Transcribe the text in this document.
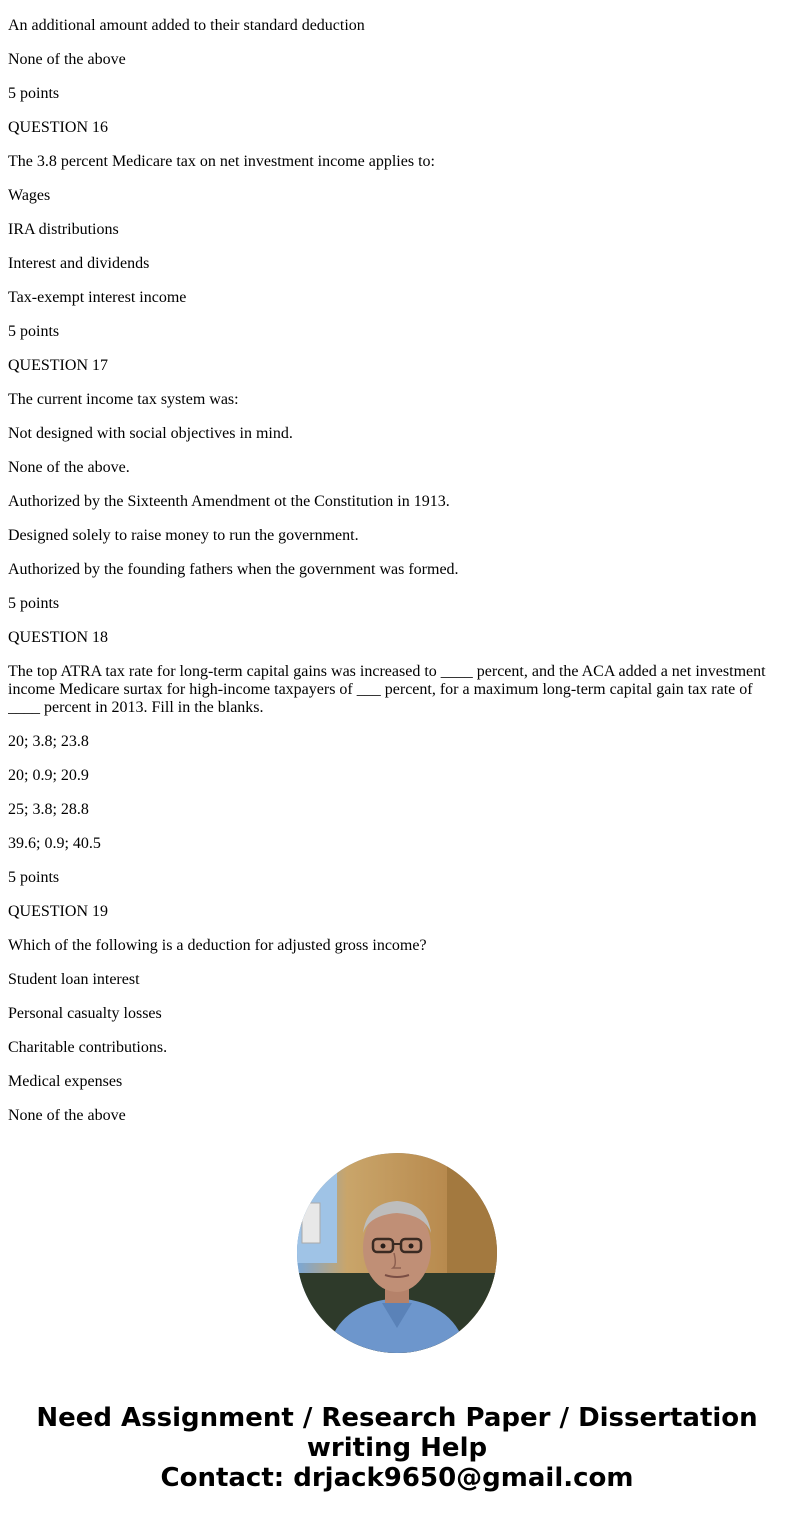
An additional amount added to their standard deduction

None of the above

5 points

QUESTION 16

The 3.8 percent Medicare tax on net investment income applies to:

Wages

IRA distributions

Interest and dividends

Tax-exempt interest income

5 points

QUESTION 17

The current income tax system was:

Not designed with social objectives in mind.

None of the above.

Authorized by the Sixteenth Amendment ot the Constitution in 1913.

Designed solely to raise money to run the government.

Authorized by the founding fathers when the government was formed.

5 points

QUESTION 18

The top ATRA tax rate for long-term capital gains was increased to ____ percent, and the ACA added a net investment income Medicare surtax for high-income taxpayers of ___ percent, for a maximum long-term capital gain tax rate of ____ percent in 2013. Fill in the blanks.

20; 3.8; 23.8

20; 0.9; 20.9

25; 3.8; 28.8

39.6; 0.9; 40.5

5 points

QUESTION 19

Which of the following is a deduction for adjusted gross income?

Student loan interest

Personal casualty losses

Charitable contributions.

Medical expenses

None of the above

Need Assignment / Research Paper / Dissertation
writing Help
Contact: drjack9650@gmail.com
